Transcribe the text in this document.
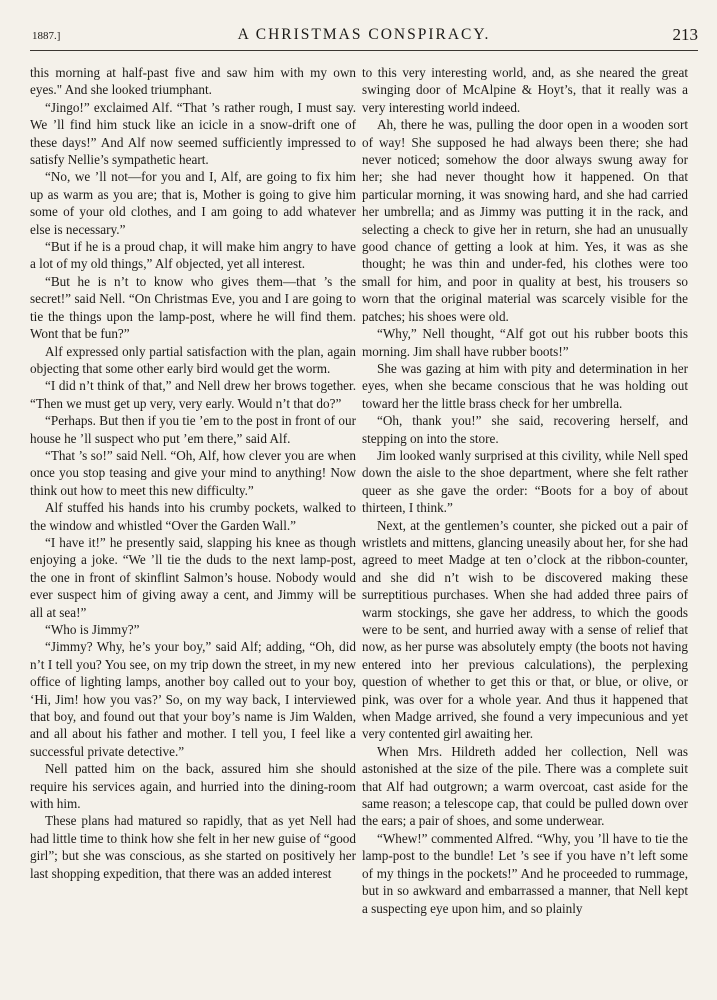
1887.]	A CHRISTMAS CONSPIRACY.	213

this morning at half-past five and saw him with my own eyes." And she looked triumphant.

“Jingo!” exclaimed Alf. “That ’s rather rough, I must say. We ’ll find him stuck like an icicle in a snow-drift one of these days!” And Alf now seemed sufficiently impressed to satisfy Nellie’s sympathetic heart.

“No, we ’ll not—for you and I, Alf, are going to fix him up as warm as you are; that is, Mother is going to give him some of your old clothes, and I am going to add whatever else is necessary.”

“But if he is a proud chap, it will make him angry to have a lot of my old things,” Alf objected, yet all interest.

“But he is n’t to know who gives them—that ’s the secret!” said Nell. “On Christmas Eve, you and I are going to tie the things upon the lamp-post, where he will find them. Wont that be fun?”

Alf expressed only partial satisfaction with the plan, again objecting that some other early bird would get the worm.

“I did n’t think of that,” and Nell drew her brows together. “Then we must get up very, very early. Would n’t that do?”

“Perhaps. But then if you tie ’em to the post in front of our house he ’ll suspect who put ’em there,” said Alf.

“That ’s so!” said Nell. “Oh, Alf, how clever you are when once you stop teasing and give your mind to anything! Now think out how to meet this new difficulty.”

Alf stuffed his hands into his crumby pockets, walked to the window and whistled “Over the Garden Wall.”

“I have it!” he presently said, slapping his knee as though enjoying a joke. “We ’ll tie the duds to the next lamp-post, the one in front of skinflint Salmon’s house. Nobody would ever suspect him of giving away a cent, and Jimmy will be all at sea!”

“Who is Jimmy?”

“Jimmy? Why, he’s your boy,” said Alf; adding, “Oh, did n’t I tell you? You see, on my trip down the street, in my new office of lighting lamps, another boy called out to your boy, ‘Hi, Jim! how you vas?’ So, on my way back, I interviewed that boy, and found out that your boy’s name is Jim Walden, and all about his father and mother. I tell you, I feel like a successful private detective.”

Nell patted him on the back, assured him she should require his services again, and hurried into the dining-room with him.

These plans had matured so rapidly, that as yet Nell had had little time to think how she felt in her new guise of “good girl”; but she was conscious, as she started on positively her last shopping expedition, that there was an added interest

to this very interesting world, and, as she neared the great swinging door of McAlpine & Hoyt’s, that it really was a very interesting world indeed.

Ah, there he was, pulling the door open in a wooden sort of way! She supposed he had always been there; she had never noticed; somehow the door always swung away for her; she had never thought how it happened. On that particular morning, it was snowing hard, and she had carried her umbrella; and as Jimmy was putting it in the rack, and selecting a check to give her in return, she had an unusually good chance of getting a look at him. Yes, it was as she thought; he was thin and under-fed, his clothes were too small for him, and poor in quality at best, his trousers so worn that the original material was scarcely visible for the patches; his shoes were old.

“Why,” Nell thought, “Alf got out his rubber boots this morning. Jim shall have rubber boots!”

She was gazing at him with pity and determination in her eyes, when she became conscious that he was holding out toward her the little brass check for her umbrella.

“Oh, thank you!” she said, recovering herself, and stepping on into the store.

Jim looked wanly surprised at this civility, while Nell sped down the aisle to the shoe department, where she felt rather queer as she gave the order: “Boots for a boy of about thirteen, I think.”

Next, at the gentlemen’s counter, she picked out a pair of wristlets and mittens, glancing uneasily about her, for she had agreed to meet Madge at ten o’clock at the ribbon-counter, and she did n’t wish to be discovered making these surreptitious purchases. When she had added three pairs of warm stockings, she gave her address, to which the goods were to be sent, and hurried away with a sense of relief that now, as her purse was absolutely empty (the boots not having entered into her previous calculations), the perplexing question of whether to get this or that, or blue, or olive, or pink, was over for a whole year. And thus it happened that when Madge arrived, she found a very impecunious and yet very contented girl awaiting her.

When Mrs. Hildreth added her collection, Nell was astonished at the size of the pile. There was a complete suit that Alf had outgrown; a warm overcoat, cast aside for the same reason; a telescope cap, that could be pulled down over the ears; a pair of shoes, and some underwear.

“Whew!” commented Alfred. “Why, you ’ll have to tie the lamp-post to the bundle! Let ’s see if you have n’t left some of my things in the pockets!” And he proceeded to rummage, but in so awkward and embarrassed a manner, that Nell kept a suspecting eye upon him, and so plainly
